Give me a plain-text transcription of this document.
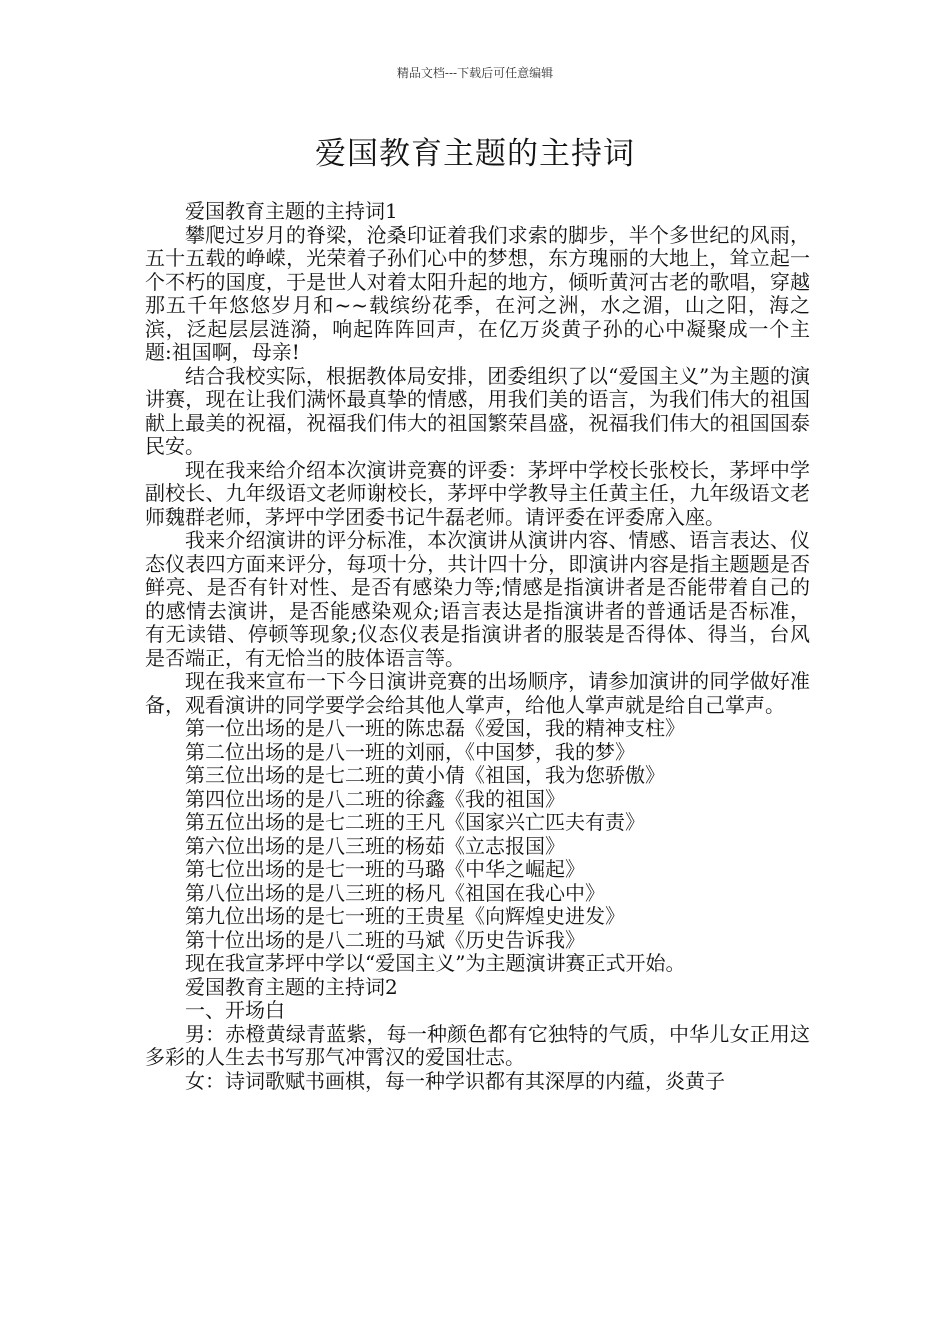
精品文档---下载后可任意编辑
爱国教育主题的主持词

爱国教育主题的主持词1

攀爬过岁月的脊梁，沧桑印证着我们求索的脚步，半个多世纪的风雨，五十五载的峥嵘，光荣着子孙们心中的梦想，东方瑰丽的大地上，耸立起一个不朽的国度，于是世人对着太阳升起的地方，倾听黄河古老的歌唱，穿越那五千年悠悠岁月和~~载缤纷花季，在河之洲，水之湄，山之阳，海之滨，泛起层层涟漪，响起阵阵回声，在亿万炎黄子孙的心中凝聚成一个主题:祖国啊，母亲!

结合我校实际，根据教体局安排，团委组织了以“爱国主义”为主题的演讲赛，现在让我们满怀最真挚的情感，用我们美的语言，为我们伟大的祖国献上最美的祝福，祝福我们伟大的祖国繁荣昌盛，祝福我们伟大的祖国国泰民安。

现在我来给介绍本次演讲竞赛的评委：茅坪中学校长张校长，茅坪中学副校长、九年级语文老师谢校长，茅坪中学教导主任黄主任，九年级语文老师魏群老师，茅坪中学团委书记牛磊老师。请评委在评委席入座。

我来介绍演讲的评分标准，本次演讲从演讲内容、情感、语言表达、仪态仪表四方面来评分，每项十分，共计四十分，即演讲内容是指主题题是否鲜亮、是否有针对性、是否有感染力等;情感是指演讲者是否能带着自己的的感情去演讲，是否能感染观众;语言表达是指演讲者的普通话是否标准，有无读错、停顿等现象;仪态仪表是指演讲者的服装是否得体、得当，台风是否端正，有无恰当的肢体语言等。

现在我来宣布一下今日演讲竞赛的出场顺序，请参加演讲的同学做好准备，观看演讲的同学要学会给其他人掌声，给他人掌声就是给自己掌声。

第一位出场的是八一班的陈忠磊《爱国，我的精神支柱》

第二位出场的是八一班的刘丽，《中国梦，我的梦》

第三位出场的是七二班的黄小倩《祖国，我为您骄傲》

第四位出场的是八二班的徐鑫《我的祖国》

第五位出场的是七二班的王凡《国家兴亡匹夫有责》

第六位出场的是八三班的杨茹《立志报国》

第七位出场的是七一班的马璐《中华之崛起》

第八位出场的是八三班的杨凡《祖国在我心中》

第九位出场的是七一班的王贵星《向辉煌史进发》

第十位出场的是八二班的马斌《历史告诉我》

现在我宣茅坪中学以“爱国主义”为主题演讲赛正式开始。

爱国教育主题的主持词2

一、开场白

男：赤橙黄绿青蓝紫，每一种颜色都有它独特的气质，中华儿女正用这多彩的人生去书写那气冲霄汉的爱国壮志。

女：诗词歌赋书画棋，每一种学识都有其深厚的内蕴，炎黄子
